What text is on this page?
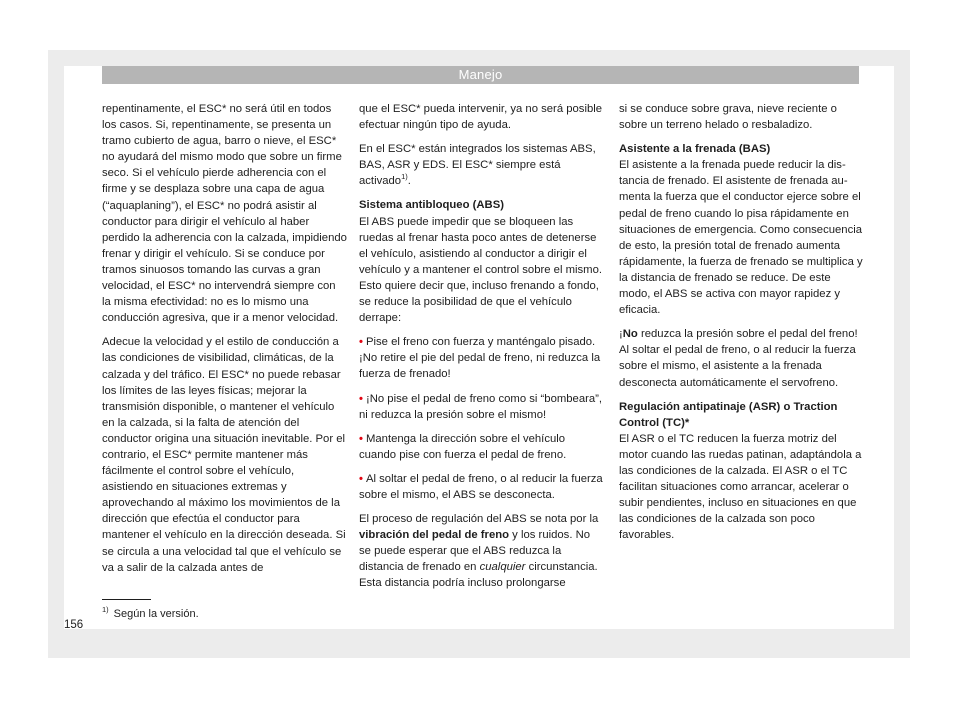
Manejo

repentinamente, el ESC* no será útil en todos los casos. Si, repentinamente, se presenta un tramo cubierto de agua, barro o nieve, el ESC* no ayudará del mismo modo que sobre un firme seco. Si el vehículo pierde adherencia con el firme y se desplaza sobre una capa de agua (“aquaplaning”), el ESC* no podrá asistir al conductor para dirigir el vehículo al haber perdido la adherencia con la calzada, impidiendo frenar y dirigir el vehículo. Si se conduce por tramos sinuosos tomando las curvas a gran velocidad, el ESC* no intervendrá siempre con la misma efectividad: no es lo mismo una conducción agresiva, que ir a menor velocidad.

Adecue la velocidad y el estilo de conducción a las condiciones de visibilidad, climáticas, de la calzada y del tráfico. El ESC* no puede rebasar los límites de las leyes físicas; mejorar la transmisión disponible, o mantener el vehículo en la calzada, si la falta de atención del conductor origina una situación inevitable. Por el contrario, el ESC* permite mantener más fácilmente el control sobre el vehículo, asistiendo en situaciones extremas y aprovechando al máximo los movimientos de la dirección que efectúa el conductor para mantener el vehículo en la dirección deseada. Si se circula a una velocidad tal que el vehículo se va a salir de la calzada antes de

que el ESC* pueda intervenir, ya no será posible efectuar ningún tipo de ayuda.

En el ESC* están integrados los sistemas ABS, BAS, ASR y EDS. El ESC* siempre está activado$^{1)}$.

Sistema antibloqueo (ABS)

El ABS puede impedir que se bloqueen las ruedas al frenar hasta poco antes de detenerse el vehículo, asistiendo al conductor a dirigir el vehículo y a mantener el control sobre el mismo. Esto quiere decir que, incluso frenando a fondo, se reduce la posibilidad de que el vehículo derrape:

• Pise el freno con fuerza y manténgalo pisado. ¡No retire el pie del pedal de freno, ni reduzca la fuerza de frenado!

• ¡No pise el pedal de freno como si “bombeara”, ni reduzca la presión sobre el mismo!

• Mantenga la dirección sobre el vehículo cuando pise con fuerza el pedal de freno.

• Al soltar el pedal de freno, o al reducir la fuerza sobre el mismo, el ABS se desconecta.

El proceso de regulación del ABS se nota por la vibración del pedal de freno y los ruidos. No se puede esperar que el ABS reduzca la distancia de frenado en cualquier circunstancia. Esta distancia podría incluso prolongarse

si se conduce sobre grava, nieve reciente o sobre un terreno helado o resbaladizo.

Asistente a la frenada (BAS)

El asistente a la frenada puede reducir la distancia de frenado. El asistente de frenada aumenta la fuerza que el conductor ejerce sobre el pedal de freno cuando lo pisa rápidamente en situaciones de emergencia. Como consecuencia de esto, la presión total de frenado aumenta rápidamente, la fuerza de frenado se multiplica y la distancia de frenado se reduce. De este modo, el ABS se activa con mayor rapidez y eficacia.

¡No reduzca la presión sobre el pedal del freno! Al soltar el pedal de freno, o al reducir la fuerza sobre el mismo, el asistente a la frenada desconecta automáticamente el servofreno.

Regulación antipatinaje (ASR) o Traction Control (TC)*

El ASR o el TC reducen la fuerza motriz del motor cuando las ruedas patinan, adaptándola a las condiciones de la calzada. El ASR o el TC facilitan situaciones como arrancar, acelerar o subir pendientes, incluso en situaciones en que las condiciones de la calzada son poco favorables.

$^{1)}$ Según la versión.
156
